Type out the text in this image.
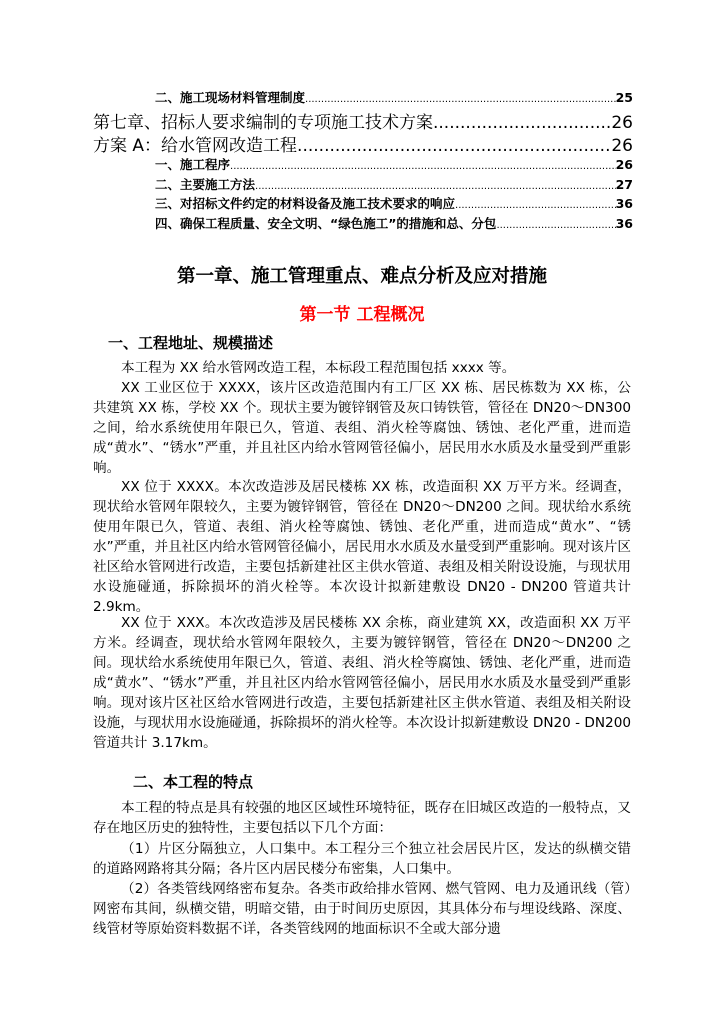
二、施工现场材料管理制度 .....	25
第七章、招标人要求编制的专项施工技术方案 .....	26
方案 A：给水管网改造工程 .....	26
一、施工程序 .....	26
二、主要施工方法 .....	27
三、对招标文件约定的材料设备及施工技术要求的响应 .....	36
四、确保工程质量、安全文明、“绿色施工”的措施和总、分包 .....	36
第一章、施工管理重点、难点分析及应对措施
第一节 工程概况
一、工程地址、规模描述
本工程为 XX 给水管网改造工程，本标段工程范围包括 xxxx 等。
XX 工业区位于 XXXX，该片区改造范围内有工厂区 XX 栋、居民栋数为 XX 栋，公共建筑 XX 栋，学校 XX 个。现状主要为镀锌钢管及灰口铸铁管，管径在 DN20～DN300 之间，给水系统使用年限已久，管道、表组、消火栓等腐蚀、锈蚀、老化严重，进而造成“黄水”、“锈水”严重，并且社区内给水管网管径偏小，居民用水水质及水量受到严重影响。
XX 位于 XXXX。本次改造涉及居民楼栋 XX 栋，改造面积 XX 万平方米。经调查，现状给水管网年限较久，主要为镀锌钢管，管径在 DN20～DN200 之间。现状给水系统使用年限已久，管道、表组、消火栓等腐蚀、锈蚀、老化严重，进而造成“黄水”、“锈水”严重，并且社区内给水管网管径偏小，居民用水水质及水量受到严重影响。现对该片区社区给水管网进行改造，主要包括新建社区主供水管道、表组及相关附设设施，与现状用水设施碰通，拆除损坏的消火栓等。本次设计拟新建敷设 DN20 - DN200 管道共计 2.9km。
XX 位于 XXX。本次改造涉及居民楼栋 XX 余栋，商业建筑 XX，改造面积 XX 万平方米。经调查，现状给水管网年限较久，主要为镀锌钢管，管径在 DN20～DN200 之间。现状给水系统使用年限已久，管道、表组、消火栓等腐蚀、锈蚀、老化严重，进而造成“黄水”、“锈水”严重，并且社区内给水管网管径偏小，居民用水水质及水量受到严重影响。现对该片区社区给水管网进行改造，主要包括新建社区主供水管道、表组及相关附设设施，与现状用水设施碰通，拆除损坏的消火栓等。本次设计拟新建敷设 DN20 - DN200 管道共计 3.17km。
二、本工程的特点
本工程的特点是具有较强的地区区域性环境特征，既存在旧城区改造的一般特点，又存在地区历史的独特性，主要包括以下几个方面：
（1）片区分隔独立，人口集中。本工程分三个独立社会居民片区，发达的纵横交错的道路网路将其分隔；各片区内居民楼分布密集，人口集中。
（2）各类管线网络密布复杂。各类市政给排水管网、燃气管网、电力及通讯线（管）网密布其间，纵横交错，明暗交错，由于时间历史原因，其具体分布与埋设线路、深度、线管材等原始资料数据不详，各类管线网的地面标识不全或大部分遗
